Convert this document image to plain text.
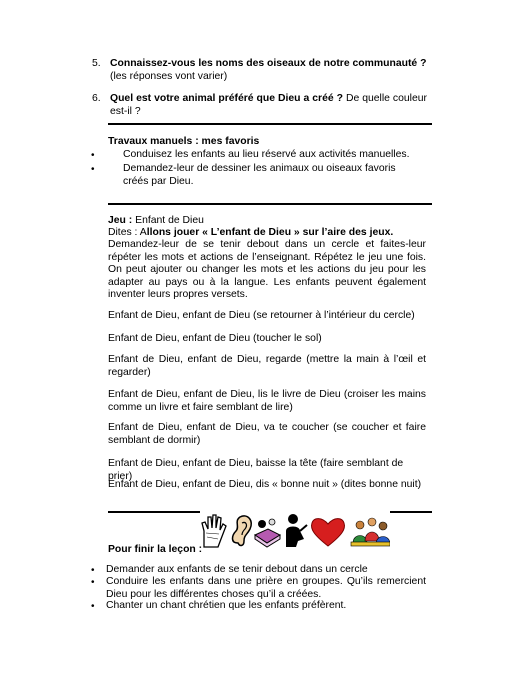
5. Connaissez-vous les noms des oiseaux de notre communauté ?
(les réponses vont varier)
6. Quel est votre animal préféré que Dieu a créé ? De quelle couleur est-il ?
Travaux manuels : mes favoris
•	Conduisez les enfants au lieu réservé aux activités manuelles.
•	Demandez-leur de dessiner les animaux ou oiseaux favoris créés par Dieu.
Jeu : Enfant de Dieu
Dites : Allons jouer « L’enfant de Dieu » sur l’aire des jeux.
Demandez-leur de se tenir debout dans un cercle et faites-leur répéter les mots et actions de l’enseignant. Répétez le jeu une fois. On peut ajouter ou changer les mots et les actions du jeu pour les adapter au pays ou à la langue. Les enfants peuvent également inventer leurs propres versets.
Enfant de Dieu, enfant de Dieu (se retourner à l’intérieur du cercle)
Enfant de Dieu, enfant de Dieu (toucher le sol)
Enfant de Dieu, enfant de Dieu, regarde (mettre la main à l’œil et regarder)
Enfant de Dieu, enfant de Dieu, lis le livre de Dieu (croiser les mains comme un livre et faire semblant de lire)
Enfant de Dieu, enfant de Dieu, va te coucher (se coucher et faire semblant de dormir)
Enfant de Dieu, enfant de Dieu, baisse la tête (faire semblant de prier)
Enfant de Dieu, enfant de Dieu, dis « bonne nuit » (dites bonne nuit)
Pour finir la leçon :
• Demander aux enfants de se tenir debout dans un cercle
• Conduire les enfants dans une prière en groupes. Qu’ils remercient Dieu pour les différentes choses qu’il a créées.
• Chanter un chant chrétien que les enfants préfèrent.
